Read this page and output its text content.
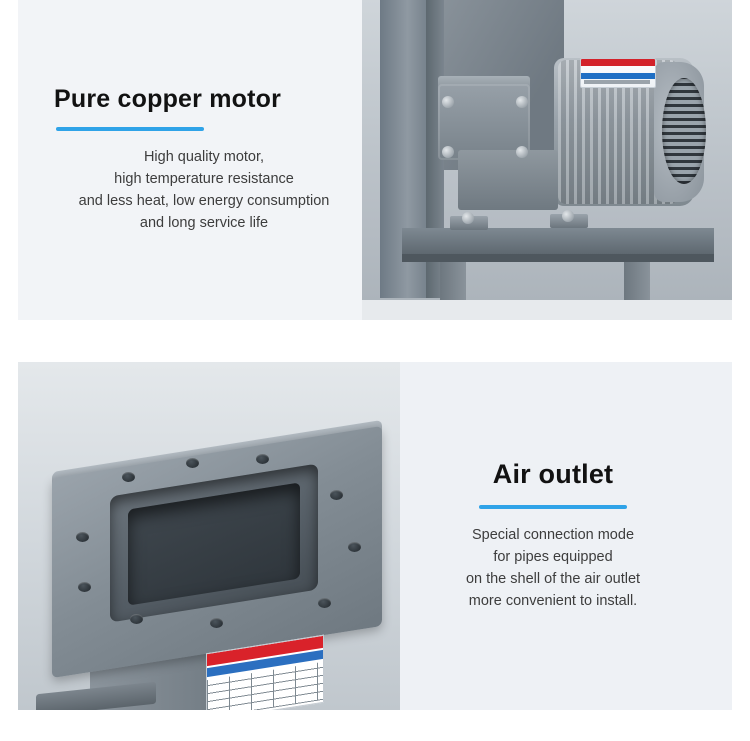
Pure copper motor

High quality motor,
high temperature resistance
and less heat, low energy consumption
and long service life

Air outlet

Special connection mode
for pipes equipped
on the shell of the air outlet
more convenient to install.
